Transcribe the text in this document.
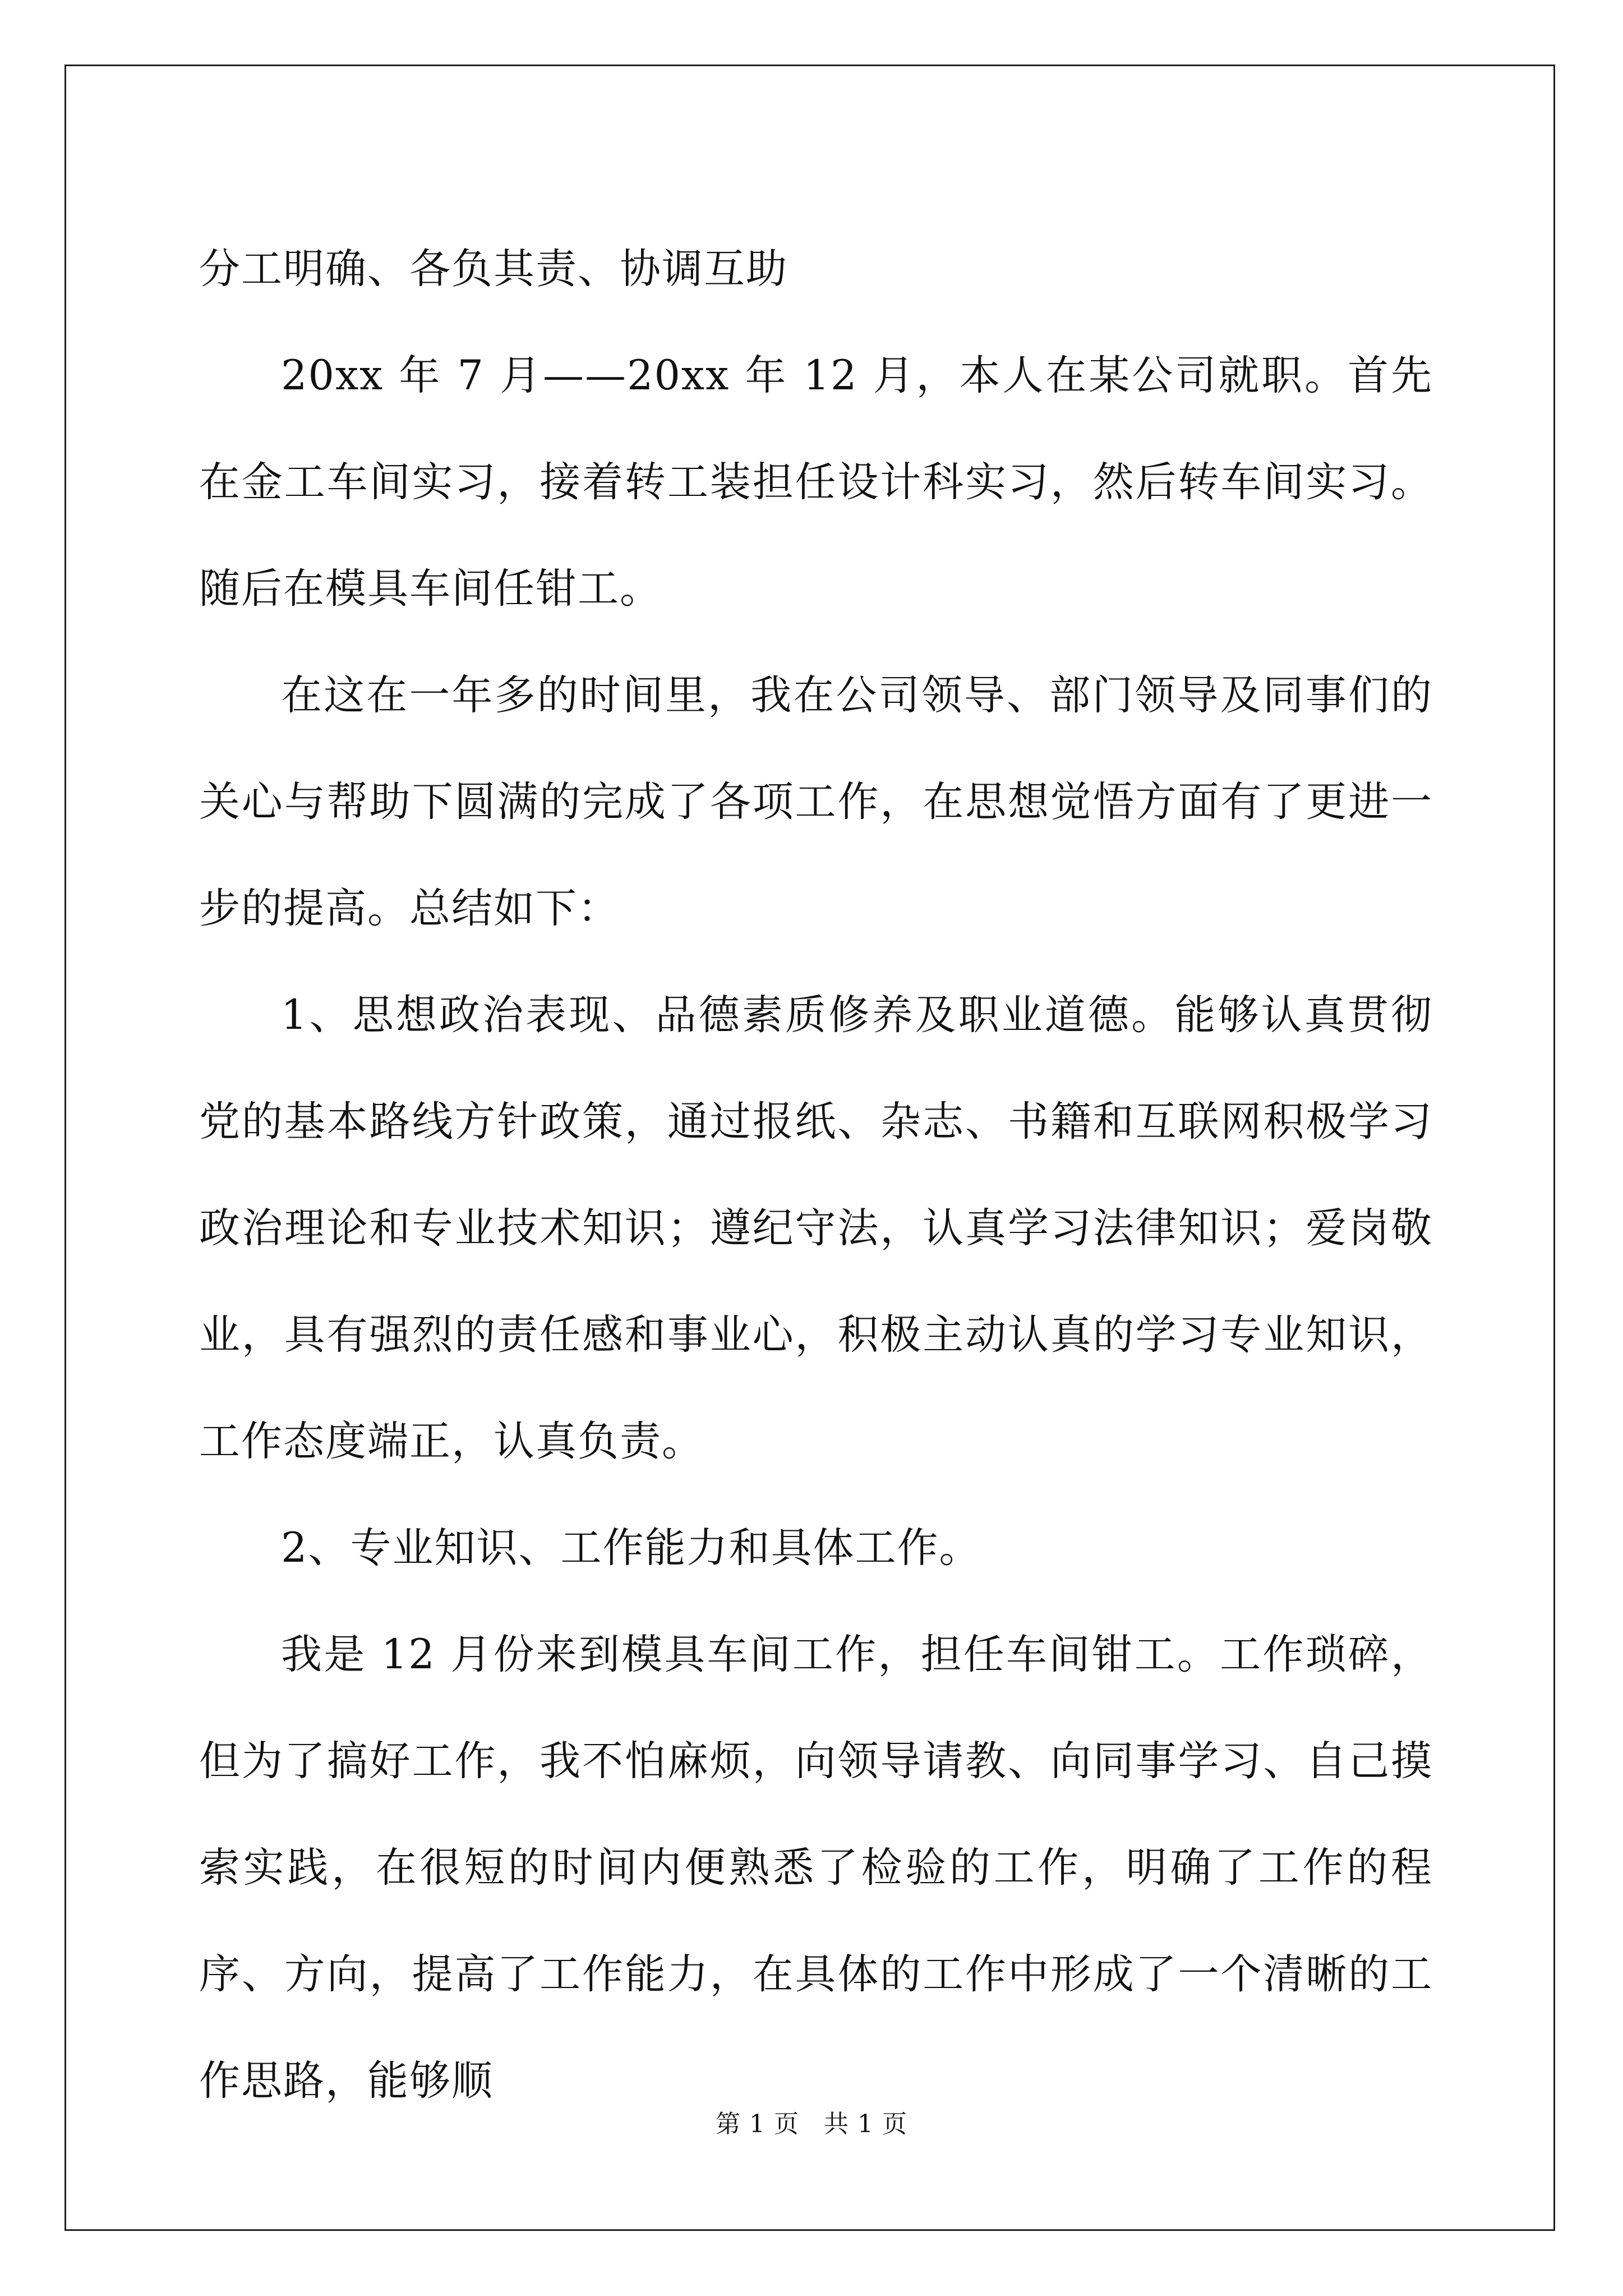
分工明确、各负其责、协调互助

20xx 年 7 月——20xx 年 12 月，本人在某公司就职。首先在金工车间实习，接着转工装担任设计科实习，然后转车间实习。随后在模具车间任钳工。

在这在一年多的时间里，我在公司领导、部门领导及同事们的关心与帮助下圆满的完成了各项工作，在思想觉悟方面有了更进一步的提高。总结如下：

1、思想政治表现、品德素质修养及职业道德。能够认真贯彻党的基本路线方针政策，通过报纸、杂志、书籍和互联网积极学习政治理论和专业技术知识；遵纪守法，认真学习法律知识；爱岗敬业，具有强烈的责任感和事业心，积极主动认真的学习专业知识，工作态度端正，认真负责。

2、专业知识、工作能力和具体工作。

我是 12 月份来到模具车间工作，担任车间钳工。工作琐碎，但为了搞好工作，我不怕麻烦，向领导请教、向同事学习、自己摸索实践，在很短的时间内便熟悉了检验的工作，明确了工作的程序、方向，提高了工作能力，在具体的工作中形成了一个清晰的工作思路，能够顺

第 1 页 共 1 页
